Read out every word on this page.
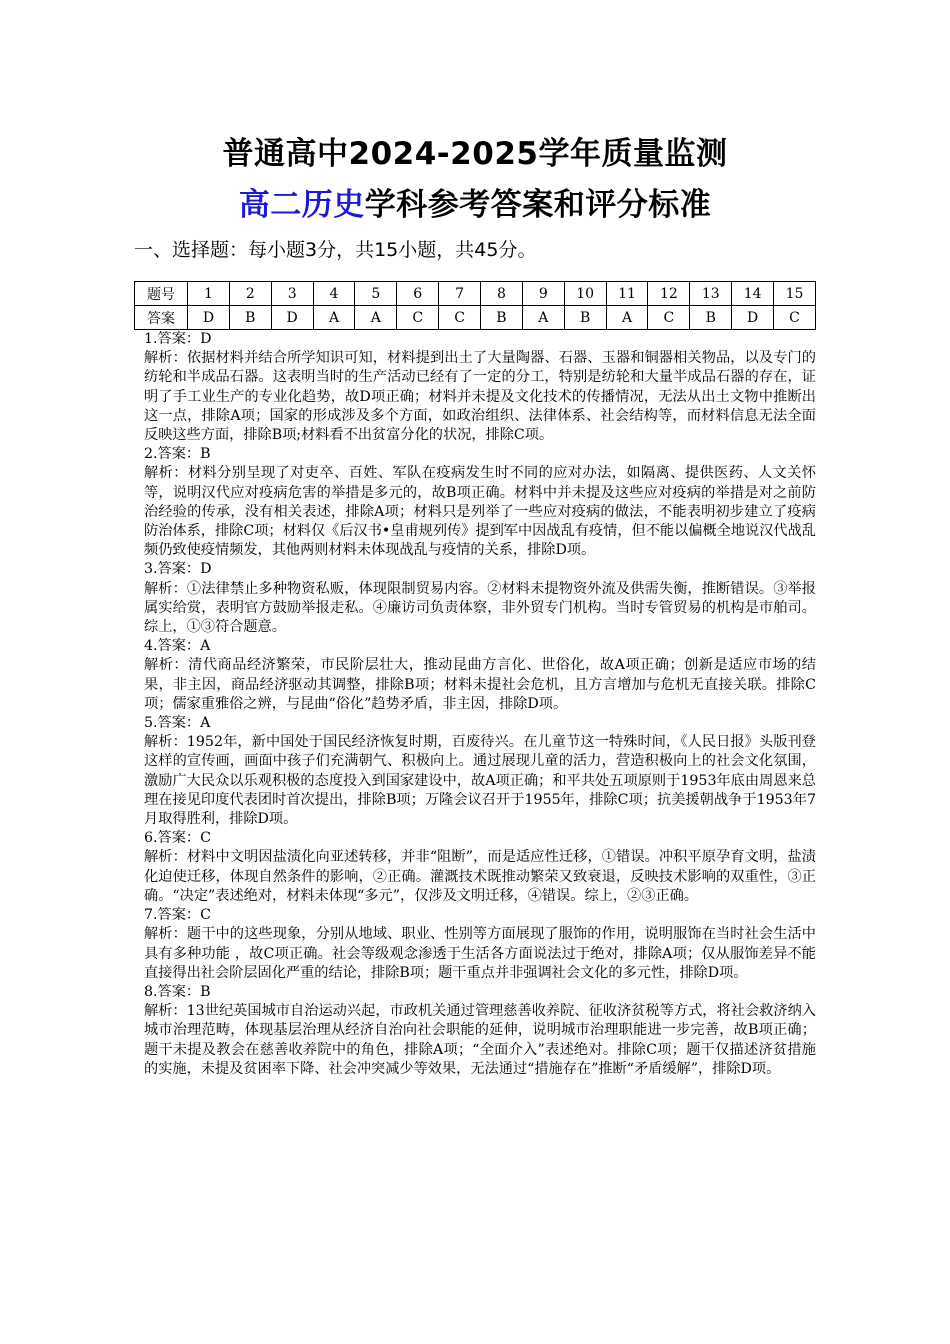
普通高中2024-2025学年质量监测
高二历史学科参考答案和评分标准
一、选择题：每小题3分，共15小题，共45分。
题号	1	2	3	4	5	6	7	8	9	10	11	12	13	14	15
答案	D	B	D	A	A	C	C	B	A	B	A	C	B	D	C

1.答案：D

解析：依据材料并结合所学知识可知，材料提到出土了大量陶器、石器、玉器和铜器相关物品，以及专门的纺轮和半成品石器。这表明当时的生产活动已经有了一定的分工，特别是纺轮和大量半成品石器的存在，证明了手工业生产的专业化趋势，故D项正确；材料并未提及文化技术的传播情况，无法从出土文物中推断出这一点，排除A项；国家的形成涉及多个方面，如政治组织、法律体系、社会结构等，而材料信息无法全面反映这些方面，排除B项;材料看不出贫富分化的状况，排除C项。

2.答案：B

解析：材料分别呈现了对吏卒、百姓、军队在疫病发生时不同的应对办法，如隔离、提供医药、人文关怀等，说明汉代应对疫病危害的举措是多元的，故B项正确。材料中并未提及这些应对疫病的举措是对之前防治经验的传承，没有相关表述，排除A项；材料只是列举了一些应对疫病的做法，不能表明初步建立了疫病防治体系，排除C项；材料仅《后汉书•皇甫规列传》提到军中因战乱有疫情，但不能以偏概全地说汉代战乱频仍致使疫情频发，其他两则材料未体现战乱与疫情的关系，排除D项。

3.答案：D

解析：①法律禁止多种物资私贩，体现限制贸易内容。②材料未提物资外流及供需失衡，推断错误。③举报属实给赏，表明官方鼓励举报走私。④廉访司负责体察，非外贸专门机构。当时专管贸易的机构是市舶司。综上，①③符合题意。

4.答案：A

解析：清代商品经济繁荣，市民阶层壮大，推动昆曲方言化、世俗化，故A项正确；创新是适应市场的结果，非主因，商品经济驱动其调整，排除B项；材料未提社会危机，且方言增加与危机无直接关联。排除C项；儒家重雅俗之辨，与昆曲“俗化”趋势矛盾，非主因，排除D项。

5.答案：A

解析：1952年，新中国处于国民经济恢复时期，百废待兴。在儿童节这一特殊时间，《人民日报》头版刊登这样的宣传画，画面中孩子们充满朝气、积极向上。通过展现儿童的活力，营造积极向上的社会文化氛围，激励广大民众以乐观积极的态度投入到国家建设中，故A项正确；和平共处五项原则于1953年底由周恩来总理在接见印度代表团时首次提出，排除B项；万隆会议召开于1955年，排除C项；抗美援朝战争于1953年7月取得胜利，排除D项。

6.答案：C

解析：材料中文明因盐渍化向亚述转移，并非“阻断”，而是适应性迁移，①错误。冲积平原孕育文明，盐渍化迫使迁移，体现自然条件的影响，②正确。灌溉技术既推动繁荣又致衰退，反映技术影响的双重性，③正确。“决定”表述绝对，材料未体现“多元”，仅涉及文明迁移，④错误。综上，②③正确。

7.答案：C

解析：题干中的这些现象，分别从地域、职业、性别等方面展现了服饰的作用，说明服饰在当时社会生活中具有多种功能 ，故C项正确。社会等级观念渗透于生活各方面说法过于绝对，排除A项；仅从服饰差异不能直接得出社会阶层固化严重的结论，排除B项；题干重点并非强调社会文化的多元性，排除D项。

8.答案：B

解析：13世纪英国城市自治运动兴起，市政机关通过管理慈善收养院、征收济贫税等方式，将社会救济纳入城市治理范畴，体现基层治理从经济自治向社会职能的延伸，说明城市治理职能进一步完善，故B项正确；题干未提及教会在慈善收养院中的角色，排除A项；“全面介入”表述绝对。排除C项；题干仅描述济贫措施的实施，未提及贫困率下降、社会冲突减少等效果，无法通过“措施存在”推断“矛盾缓解”，排除D项。
